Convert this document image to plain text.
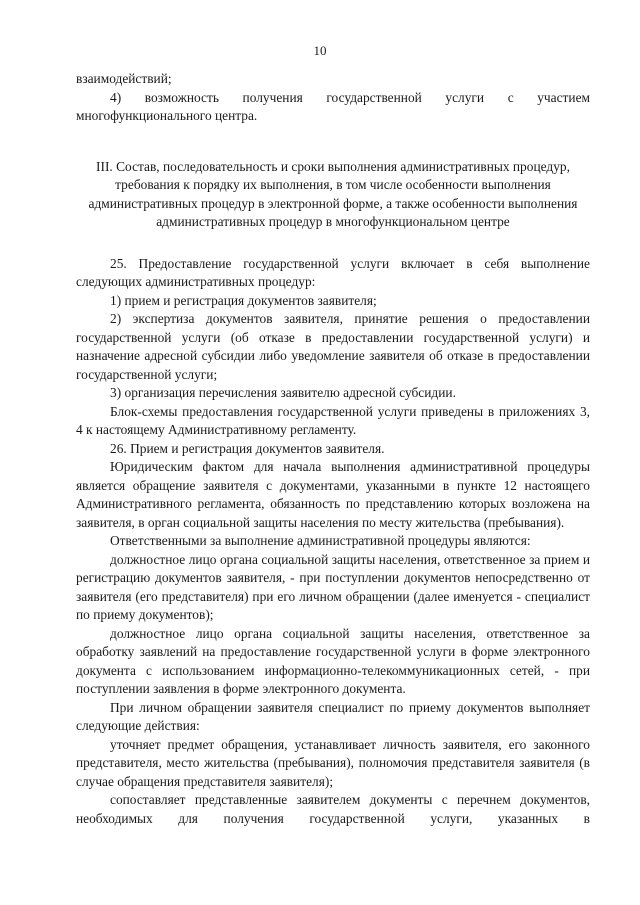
10

взаимодействий;

4) возможность получения государственной услуги с участием многофункционального центра.

III. Состав, последовательность и сроки выполнения административных процедур, требования к порядку их выполнения, в том числе особенности выполнения административных процедур в электронной форме, а также особенности выполнения административных процедур в многофункциональном центре

25. Предоставление государственной услуги включает в себя выполнение следующих административных процедур:

1) прием и регистрация документов заявителя;

2) экспертиза документов заявителя, принятие решения о предоставлении государственной услуги (об отказе в предоставлении государственной услуги) и назначение адресной субсидии либо уведомление заявителя об отказе в предоставлении государственной услуги;

3) организация перечисления заявителю адресной субсидии.

Блок-схемы предоставления государственной услуги приведены в приложениях 3, 4 к настоящему Административному регламенту.

26. Прием и регистрация документов заявителя.

Юридическим фактом для начала выполнения административной процедуры является обращение заявителя с документами, указанными в пункте 12 настоящего Административного регламента, обязанность по представлению которых возложена на заявителя, в орган социальной защиты населения по месту жительства (пребывания).

Ответственными за выполнение административной процедуры являются:

должностное лицо органа социальной защиты населения, ответственное за прием и регистрацию документов заявителя, - при поступлении документов непосредственно от заявителя (его представителя) при его личном обращении (далее именуется - специалист по приему документов);

должностное лицо органа социальной защиты населения, ответственное за обработку заявлений на предоставление государственной услуги в форме электронного документа с использованием информационно-телекоммуникационных сетей, - при поступлении заявления в форме электронного документа.

При личном обращении заявителя специалист по приему документов выполняет следующие действия:

уточняет предмет обращения, устанавливает личность заявителя, его законного представителя, место жительства (пребывания), полномочия представителя заявителя (в случае обращения представителя заявителя);

сопоставляет представленные заявителем документы с перечнем документов, необходимых для получения государственной услуги, указанных в
